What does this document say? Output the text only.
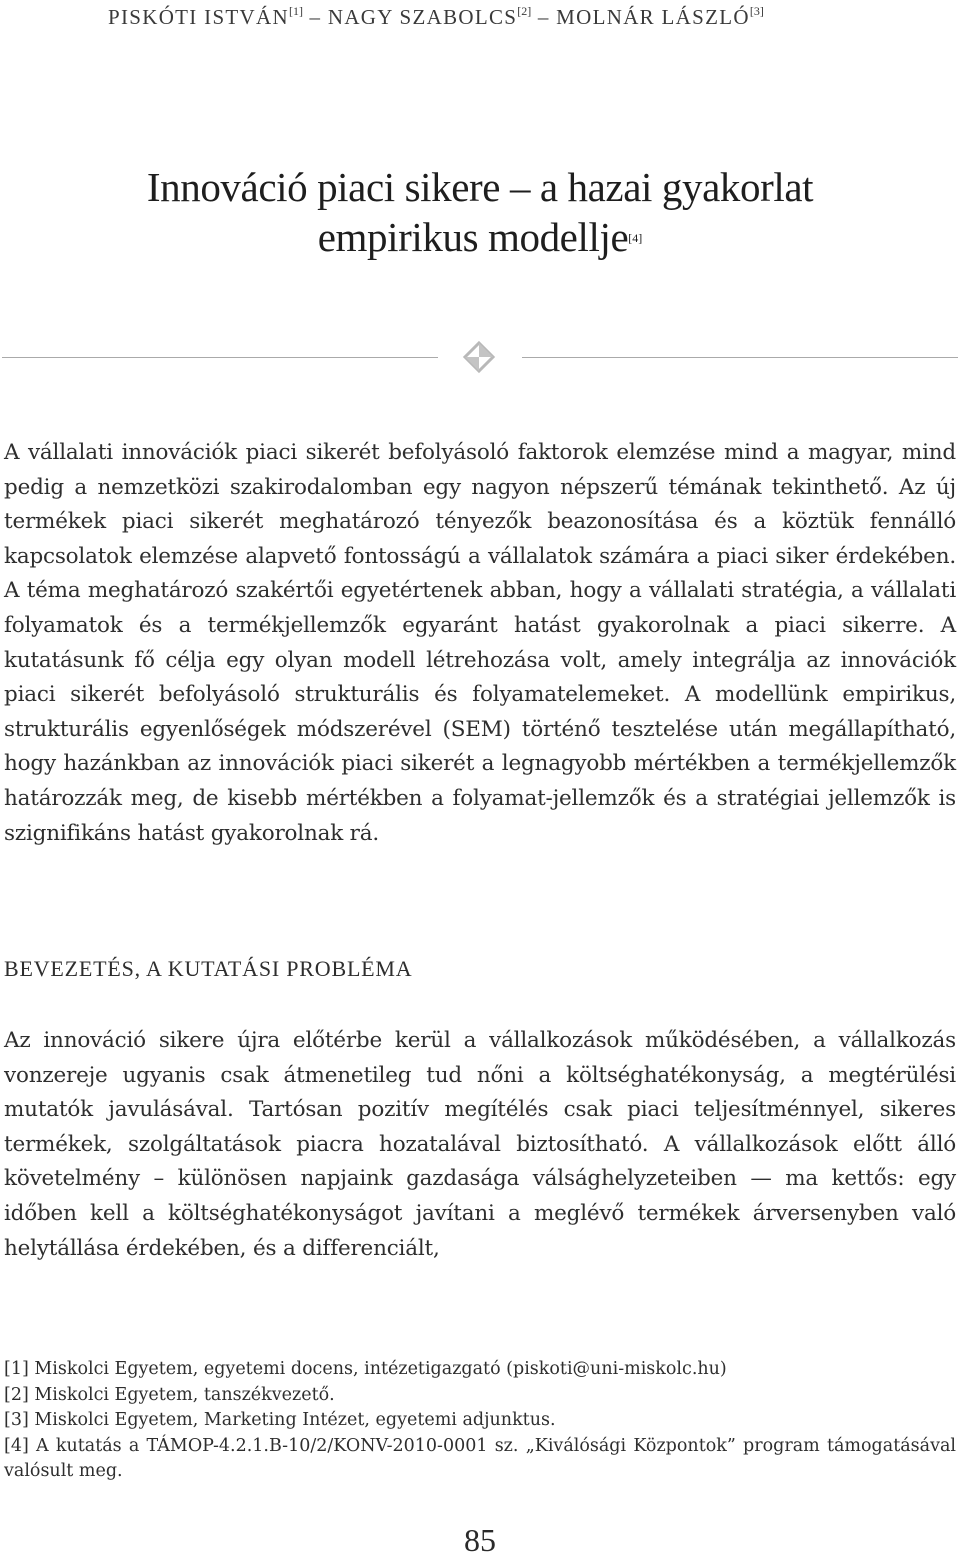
PISKÓTI ISTVÁN[1] – NAGY SZABOLCS[2] – MOLNÁR LÁSZLÓ[3]
Innováció piaci sikere – a hazai gyakorlat
empirikus modellje[4]

A vállalati innovációk piaci sikerét befolyásoló faktorok elemzése mind a magyar, mind pedig a nemzetközi szakirodalomban egy nagyon népszerű témának tekinthető. Az új termékek piaci sikerét meghatározó tényezők beazonosítása és a köztük fennálló kapcsolatok elemzése alapvető fontosságú a vállalatok számára a piaci siker érdekében. A téma meghatározó szakértői egyetértenek abban, hogy a vállalati stratégia, a vállalati folyamatok és a termékjellemzők egyaránt hatást gyakorolnak a piaci sikerre. A kutatásunk fő célja egy olyan modell létrehozása volt, amely integrálja az innovációk piaci sikerét befolyásoló strukturális és folyamatelemeket. A modellünk empirikus, strukturális egyenlőségek módszerével (SEM) történő tesztelése után megállapítható, hogy hazánkban az innovációk piaci sikerét a legnagyobb mértékben a termékjellemzők határozzák meg, de kisebb mértékben a folyamat-jellemzők és a stratégiai jellemzők is szignifikáns hatást gyakorolnak rá.

BEVEZETÉS, A KUTATÁSI PROBLÉMA

Az innováció sikere újra előtérbe kerül a vállalkozások működésében, a vállalkozás vonzereje ugyanis csak átmenetileg tud nőni a költséghatékonyság, a megtérülési mutatók javulásával. Tartósan pozitív megítélés csak piaci teljesítménnyel, sikeres termékek, szolgáltatások piacra hozatalával biztosítható. A vállalkozások előtt álló követelmény – különösen napjaink gazdasága válsághelyzeteiben — ma kettős: egy időben kell a költséghatékonyságot javítani a meglévő termékek árversenyben való helytállása érdekében, és a differenciált,

[1] Miskolci Egyetem, egyetemi docens, intézetigazgató (piskoti@uni-miskolc.hu)
[2] Miskolci Egyetem, tanszékvezető.
[3] Miskolci Egyetem, Marketing Intézet, egyetemi adjunktus.
[4] A kutatás a TÁMOP-4.2.1.B-10/2/KONV-2010-0001 sz. „Kiválósági Központok” program támogatásával valósult meg.
85
